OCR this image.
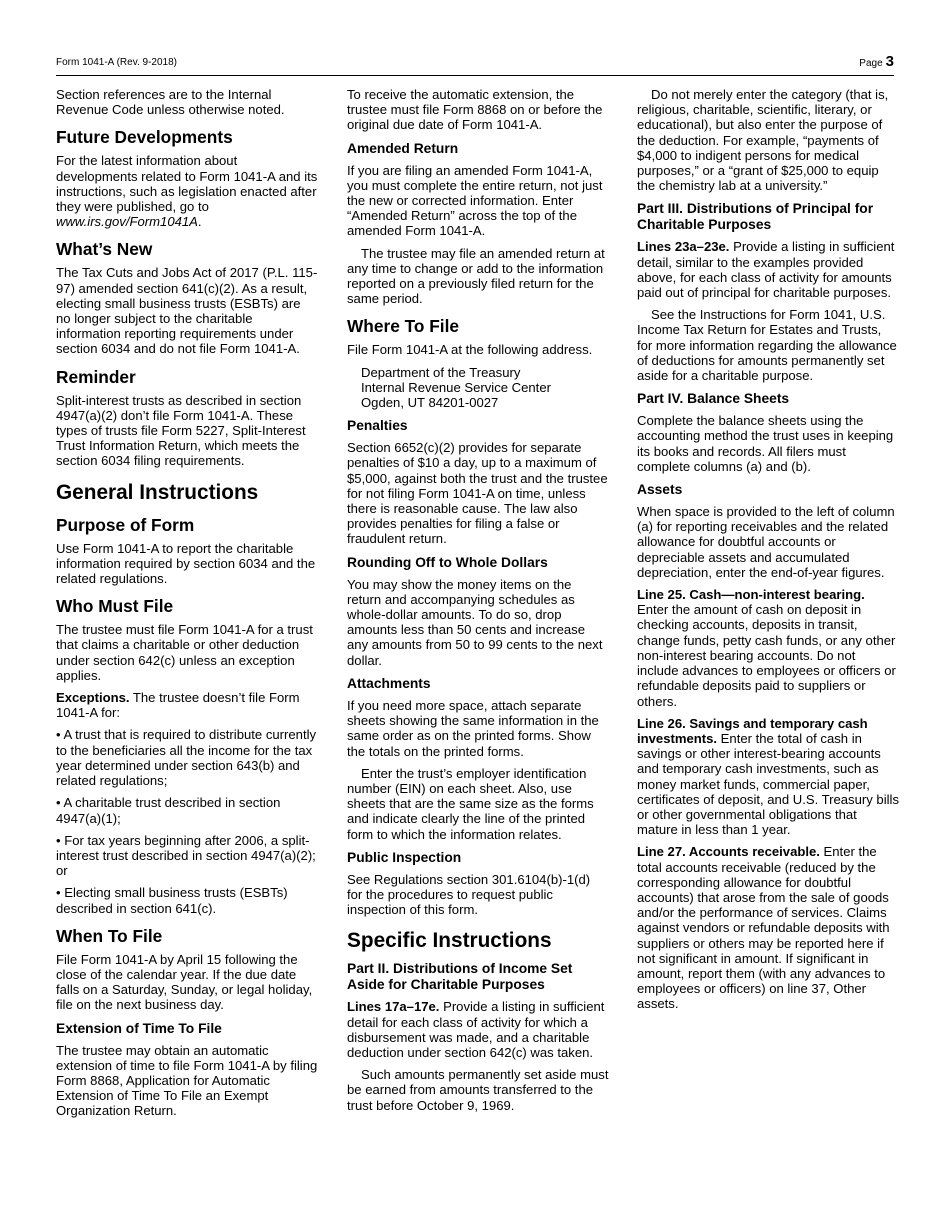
Form 1041-A (Rev. 9-2018)	Page 3

Section references are to the Internal Revenue Code unless otherwise noted.

Future Developments

For the latest information about developments related to Form 1041-A and its instructions, such as legislation enacted after they were published, go to www.irs.gov/Form1041A.

What’s New

The Tax Cuts and Jobs Act of 2017 (P.L. 115-97) amended section 641(c)(2). As a result, electing small business trusts (ESBTs) are no longer subject to the charitable information reporting requirements under section 6034 and do not file Form 1041-A.

Reminder

Split-interest trusts as described in section 4947(a)(2) don’t file Form 1041-A. These types of trusts file Form 5227, Split-Interest Trust Information Return, which meets the section 6034 filing requirements.

General Instructions
Purpose of Form

Use Form 1041-A to report the charitable information required by section 6034 and the related regulations.

Who Must File

The trustee must file Form 1041-A for a trust that claims a charitable or other deduction under section 642(c) unless an exception applies.

Exceptions. The trustee doesn’t file Form 1041-A for:

• A trust that is required to distribute currently to the beneficiaries all the income for the tax year determined under section 643(b) and related regulations;

• A charitable trust described in section 4947(a)(1);

• For tax years beginning after 2006, a split-interest trust described in section 4947(a)(2); or

• Electing small business trusts (ESBTs) described in section 641(c).

When To File

File Form 1041-A by April 15 following the close of the calendar year. If the due date falls on a Saturday, Sunday, or legal holiday, file on the next business day.

Extension of Time To File

The trustee may obtain an automatic extension of time to file Form 1041-A by filing Form 8868, Application for Automatic Extension of Time To File an Exempt Organization Return.

To receive the automatic extension, the trustee must file Form 8868 on or before the original due date of Form 1041-A.

Amended Return

If you are filing an amended Form 1041-A, you must complete the entire return, not just the new or corrected information. Enter “Amended Return” across the top of the amended Form 1041-A.

The trustee may file an amended return at any time to change or add to the information reported on a previously filed return for the same period.

Where To File

File Form 1041-A at the following address.

Department of the Treasury
Internal Revenue Service Center
Ogden, UT 84201-0027
Penalties

Section 6652(c)(2) provides for separate penalties of $10 a day, up to a maximum of $5,000, against both the trust and the trustee for not filing Form 1041-A on time, unless there is reasonable cause. The law also provides penalties for filing a false or fraudulent return.

Rounding Off to Whole Dollars

You may show the money items on the return and accompanying schedules as whole-dollar amounts. To do so, drop amounts less than 50 cents and increase any amounts from 50 to 99 cents to the next dollar.

Attachments

If you need more space, attach separate sheets showing the same information in the same order as on the printed forms. Show the totals on the printed forms.

Enter the trust’s employer identification number (EIN) on each sheet. Also, use sheets that are the same size as the forms and indicate clearly the line of the printed form to which the information relates.

Public Inspection

See Regulations section 301.6104(b)-1(d) for the procedures to request public inspection of this form.

Specific Instructions
Part II. Distributions of Income Set Aside for Charitable Purposes

Lines 17a–17e. Provide a listing in sufficient detail for each class of activity for which a disbursement was made, and a charitable deduction under section 642(c) was taken.

Such amounts permanently set aside must be earned from amounts transferred to the trust before October 9, 1969.

Do not merely enter the category (that is, religious, charitable, scientific, literary, or educational), but also enter the purpose of the deduction. For example, “payments of $4,000 to indigent persons for medical purposes,” or a “grant of $25,000 to equip the chemistry lab at a university.”

Part III. Distributions of Principal for Charitable Purposes

Lines 23a–23e. Provide a listing in sufficient detail, similar to the examples provided above, for each class of activity for amounts paid out of principal for charitable purposes.

See the Instructions for Form 1041, U.S. Income Tax Return for Estates and Trusts, for more information regarding the allowance of deductions for amounts permanently set aside for a charitable purpose.

Part IV. Balance Sheets

Complete the balance sheets using the accounting method the trust uses in keeping its books and records. All filers must complete columns (a) and (b).

Assets

When space is provided to the left of column (a) for reporting receivables and the related allowance for doubtful accounts or depreciable assets and accumulated depreciation, enter the end-of-year figures.

Line 25. Cash—non-interest bearing. Enter the amount of cash on deposit in checking accounts, deposits in transit, change funds, petty cash funds, or any other non-interest bearing accounts. Do not include advances to employees or officers or refundable deposits paid to suppliers or others.

Line 26. Savings and temporary cash investments. Enter the total of cash in savings or other interest-bearing accounts and temporary cash investments, such as money market funds, commercial paper, certificates of deposit, and U.S. Treasury bills or other governmental obligations that mature in less than 1 year.

Line 27. Accounts receivable. Enter the total accounts receivable (reduced by the corresponding allowance for doubtful accounts) that arose from the sale of goods and/or the performance of services. Claims against vendors or refundable deposits with suppliers or others may be reported here if not significant in amount. If significant in amount, report them (with any advances to employees or officers) on line 37, Other assets.
